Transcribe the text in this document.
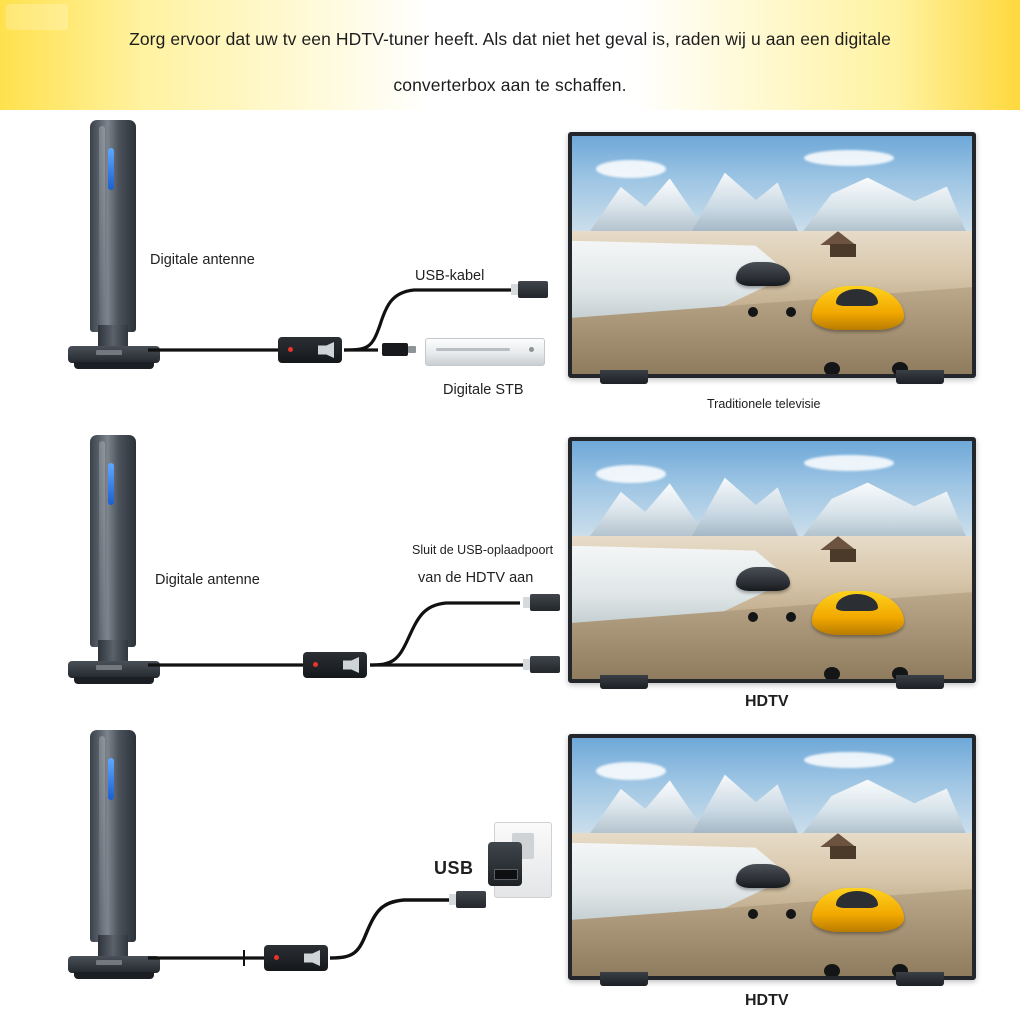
Zorg ervoor dat uw tv een HDTV-tuner heeft. Als dat niet het geval is, raden wij u aan een digitale
converterbox aan te schaffen.
Digitale antenne
USB-kabel
Digitale STB
Traditionele televisie
Digitale antenne
Sluit de USB-oplaadpoort
van de HDTV aan
HDTV
USB
HDTV
